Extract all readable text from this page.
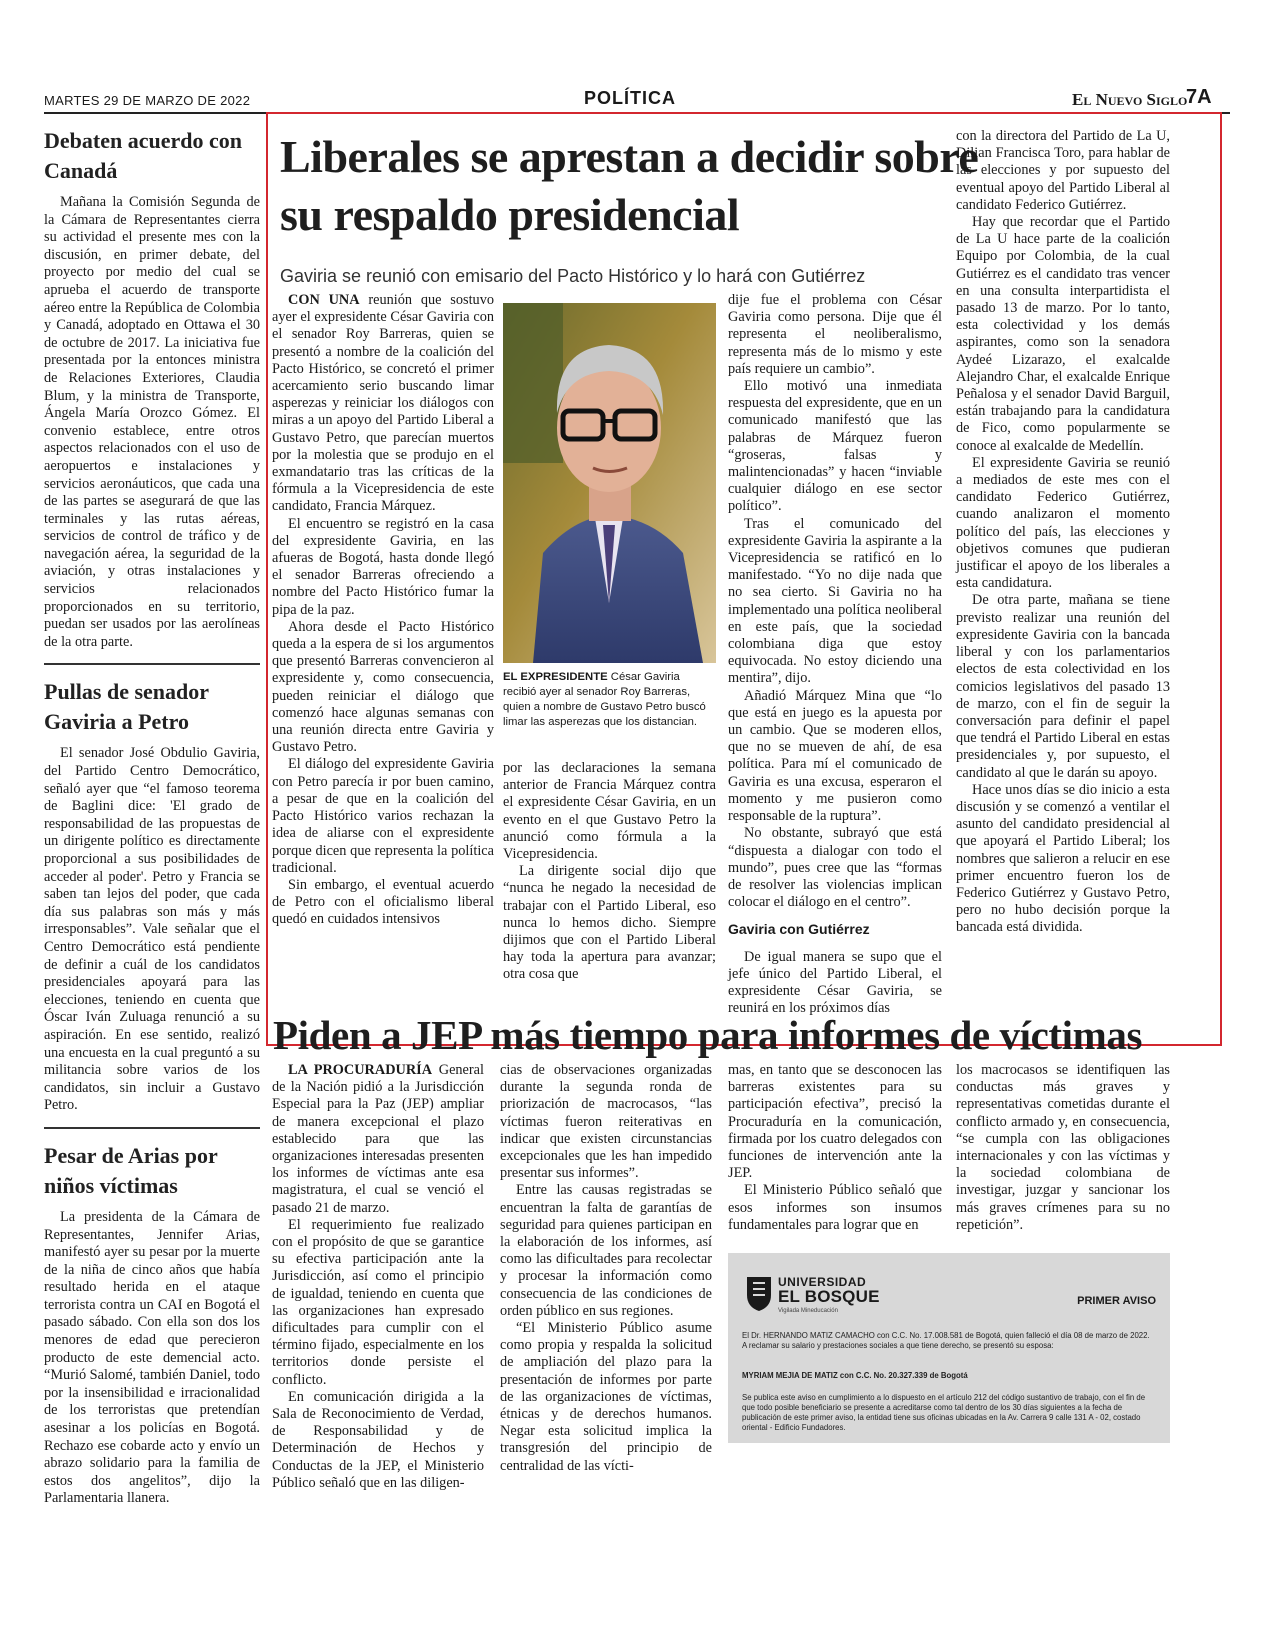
MARTES 29 DE MARZO DE 2022	POLÍTICA	El Nuevo Siglo
7A
Debaten acuerdo con Canadá

Mañana la Comisión Segunda de la Cámara de Representantes cierra su actividad el presente mes con la discusión, en primer debate, del proyecto por medio del cual se aprueba el acuerdo de transporte aéreo entre la República de Colombia y Canadá, adoptado en Ottawa el 30 de octubre de 2017. La iniciativa fue presentada por la entonces ministra de Relaciones Exteriores, Claudia Blum, y la ministra de Transporte, Ángela María Orozco Gómez. El convenio establece, entre otros aspectos relacionados con el uso de aeropuertos e instalaciones y servicios aeronáuticos, que cada una de las partes se asegurará de que las terminales y las rutas aéreas, servicios de control de tráfico y de navegación aérea, la seguridad de la aviación, y otras instalaciones y servicios relacionados proporcionados en su territorio, puedan ser usados por las aerolíneas de la otra parte.

Pullas de senador Gaviria a Petro

El senador José Obdulio Gaviria, del Partido Centro Democrático, señaló ayer que “el famoso teorema de Baglini dice: 'El grado de responsabilidad de las propuestas de un dirigente político es directamente proporcional a sus posibilidades de acceder al poder'. Petro y Francia se saben tan lejos del poder, que cada día sus palabras son más y más irresponsables”. Vale señalar que el Centro Democrático está pendiente de definir a cuál de los candidatos presidenciales apoyará para las elecciones, teniendo en cuenta que Óscar Iván Zuluaga renunció a su aspiración. En ese sentido, realizó una encuesta en la cual preguntó a su militancia sobre varios de los candidatos, sin incluir a Gustavo Petro.

Pesar de Arias por niños víctimas

La presidenta de la Cámara de Representantes, Jennifer Arias, manifestó ayer su pesar por la muerte de la niña de cinco años que había resultado herida en el ataque terrorista contra un CAI en Bogotá el pasado sábado. Con ella son dos los menores de edad que perecieron producto de este demencial acto. “Murió Salomé, también Daniel, todo por la insensibilidad e irracionalidad de los terroristas que pretendían asesinar a los policías en Bogotá. Rechazo ese cobarde acto y envío un abrazo solidario para la familia de estos dos angelitos”, dijo la Parlamentaria llanera.

Liberales se aprestan a decidir sobre su respaldo presidencial
Gaviria se reunió con emisario del Pacto Histórico y lo hará con Gutiérrez

CON UNA reunión que sostuvo ayer el expresidente César Gaviria con el senador Roy Barreras, quien se presentó a nombre de la coalición del Pacto Histórico, se concretó el primer acercamiento serio buscando limar asperezas y reiniciar los diálogos con miras a un apoyo del Partido Liberal a Gustavo Petro, que parecían muertos por la molestia que se produjo en el exmandatario tras las críticas de la fórmula a la Vicepresidencia de este candidato, Francia Márquez.

El encuentro se registró en la casa del expresidente Gaviria, en las afueras de Bogotá, hasta donde llegó el senador Barreras ofreciendo a nombre del Pacto Histórico fumar la pipa de la paz.

Ahora desde el Pacto Histórico queda a la espera de si los argumentos que presentó Barreras convencieron al expresidente y, como consecuencia, pueden reiniciar el diálogo que comenzó hace algunas semanas con una reunión directa entre Gaviria y Gustavo Petro.

El diálogo del expresidente Gaviria con Petro parecía ir por buen camino, a pesar de que en la coalición del Pacto Histórico varios rechazan la idea de aliarse con el expresidente porque dicen que representa la política tradicional.

Sin embargo, el eventual acuerdo de Petro con el oficialismo liberal quedó en cuidados intensivos

EL EXPRESIDENTE César Gaviria recibió ayer al senador Roy Barreras, quien a nombre de Gustavo Petro buscó limar las asperezas que los distancian.

por las declaraciones la semana anterior de Francia Márquez contra el expresidente César Gaviria, en un evento en el que Gustavo Petro la anunció como fórmula a la Vicepresidencia.

La dirigente social dijo que “nunca he negado la necesidad de trabajar con el Partido Liberal, eso nunca lo hemos dicho. Siempre dijimos que con el Partido Liberal hay toda la apertura para avanzar; otra cosa que

dije fue el problema con César Gaviria como persona. Dije que él representa el neoliberalismo, representa más de lo mismo y este país requiere un cambio”.

Ello motivó una inmediata respuesta del expresidente, que en un comunicado manifestó que las palabras de Márquez fueron “groseras, falsas y malintencionadas” y hacen “inviable cualquier diálogo en ese sector político”.

Tras el comunicado del expresidente Gaviria la aspirante a la Vicepresidencia se ratificó en lo manifestado. “Yo no dije nada que no sea cierto. Si Gaviria no ha implementado una política neoliberal en este país, que la sociedad colombiana diga que estoy equivocada. No estoy diciendo una mentira”, dijo.

Añadió Márquez Mina que “lo que está en juego es la apuesta por un cambio. Que se moderen ellos, que no se mueven de ahí, de esa política. Para mí el comunicado de Gaviria es una excusa, esperaron el momento y me pusieron como responsable de la ruptura”.

No obstante, subrayó que está “dispuesta a dialogar con todo el mundo”, pues cree que las “formas de resolver las violencias implican colocar el diálogo en el centro”.

Gaviria con Gutiérrez

De igual manera se supo que el jefe único del Partido Liberal, el expresidente César Gaviria, se reunirá en los próximos días

con la directora del Partido de La U, Dilian Francisca Toro, para hablar de las elecciones y por supuesto del eventual apoyo del Partido Liberal al candidato Federico Gutiérrez.

Hay que recordar que el Partido de La U hace parte de la coalición Equipo por Colombia, de la cual Gutiérrez es el candidato tras vencer en una consulta interpartidista el pasado 13 de marzo. Por lo tanto, esta colectividad y los demás aspirantes, como son la senadora Aydeé Lizarazo, el exalcalde Alejandro Char, el exalcalde Enrique Peñalosa y el senador David Barguil, están trabajando para la candidatura de Fico, como popularmente se conoce al exalcalde de Medellín.

El expresidente Gaviria se reunió a mediados de este mes con el candidato Federico Gutiérrez, cuando analizaron el momento político del país, las elecciones y objetivos comunes que pudieran justificar el apoyo de los liberales a esta candidatura.

De otra parte, mañana se tiene previsto realizar una reunión del expresidente Gaviria con la bancada liberal y con los parlamentarios electos de esta colectividad en los comicios legislativos del pasado 13 de marzo, con el fin de seguir la conversación para definir el papel que tendrá el Partido Liberal en estas presidenciales y, por supuesto, el candidato al que le darán su apoyo.

Hace unos días se dio inicio a esta discusión y se comenzó a ventilar el asunto del candidato presidencial al que apoyará el Partido Liberal; los nombres que salieron a relucir en ese primer encuentro fueron los de Federico Gutiérrez y Gustavo Petro, pero no hubo decisión porque la bancada está dividida.

Piden a JEP más tiempo para informes de víctimas

LA PROCURADURÍA General de la Nación pidió a la Jurisdicción Especial para la Paz (JEP) ampliar de manera excepcional el plazo establecido para que las organizaciones interesadas presenten los informes de víctimas ante esa magistratura, el cual se venció el pasado 21 de marzo.

El requerimiento fue realizado con el propósito de que se garantice su efectiva participación ante la Jurisdicción, así como el principio de igualdad, teniendo en cuenta que las organizaciones han expresado dificultades para cumplir con el término fijado, especialmente en los territorios donde persiste el conflicto.

En comunicación dirigida a la Sala de Reconocimiento de Verdad, de Responsabilidad y de Determinación de Hechos y Conductas de la JEP, el Ministerio Público señaló que en las diligen-

cias de observaciones organizadas durante la segunda ronda de priorización de macrocasos, “las víctimas fueron reiterativas en indicar que existen circunstancias excepcionales que les han impedido presentar sus informes”.

Entre las causas registradas se encuentran la falta de garantías de seguridad para quienes participan en la elaboración de los informes, así como las dificultades para recolectar y procesar la información como consecuencia de las condiciones de orden público en sus regiones.

“El Ministerio Público asume como propia y respalda la solicitud de ampliación del plazo para la presentación de informes por parte de las organizaciones de víctimas, étnicas y de derechos humanos. Negar esta solicitud implica la transgresión del principio de centralidad de las vícti-

mas, en tanto que se desconocen las barreras existentes para su participación efectiva”, precisó la Procuraduría en la comunicación, firmada por los cuatro delegados con funciones de intervención ante la JEP.

El Ministerio Público señaló que esos informes son insumos fundamentales para lograr que en

los macrocasos se identifiquen las conductas más graves y representativas cometidas durante el conflicto armado y, en consecuencia, “se cumpla con las obligaciones internacionales y con las víctimas y la sociedad colombiana de investigar, juzgar y sancionar los más graves crímenes para su no repetición”.

UNIVERSIDAD
EL BOSQUE
Vigilada Mineducación
PRIMER AVISO
El Dr. HERNANDO MATIZ CAMACHO con C.C. No. 17.008.581 de Bogotá, quien falleció el día 08 de marzo de 2022. A reclamar su salario y prestaciones sociales a que tiene derecho, se presentó su esposa:
MYRIAM MEJIA DE MATIZ con C.C. No. 20.327.339 de Bogotá
Se publica este aviso en cumplimiento a lo dispuesto en el artículo 212 del código sustantivo de trabajo, con el fin de que todo posible beneficiario se presente a acreditarse como tal dentro de los 30 días siguientes a la fecha de publicación de este primer aviso, la entidad tiene sus oficinas ubicadas en la Av. Carrera 9 calle 131 A - 02, costado oriental - Edificio Fundadores.
